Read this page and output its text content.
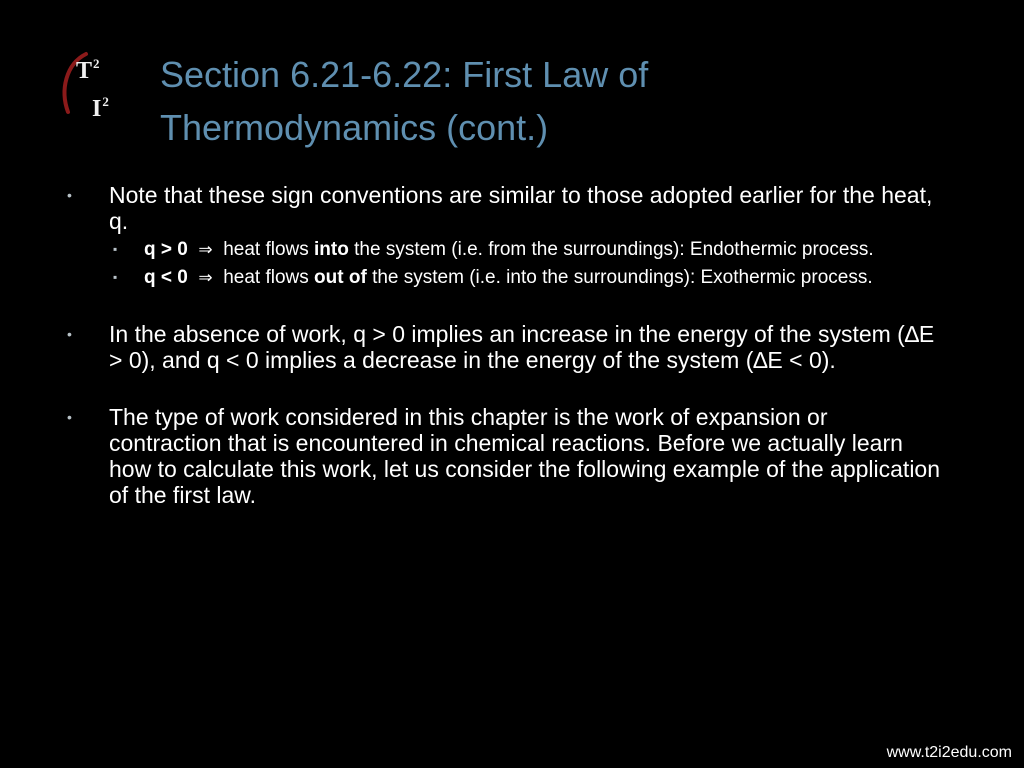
$T^2$
$I^2$
Section 6.21-6.22: First Law of
Thermodynamics (cont.)
• Note that these sign conventions are similar to those adopted earlier for the heat, q.
▪ q > 0 ⇒ heat flows into the system (i.e. from the surroundings): Endothermic process.
▪ q < 0 ⇒ heat flows out of the system (i.e. into the surroundings): Exothermic process.
• In the absence of work, q > 0 implies an increase in the energy of the system (∆E > 0), and q < 0 implies a decrease in the energy of the system (∆E < 0).
• The type of work considered in this chapter is the work of expansion or contraction that is encountered in chemical reactions. Before we actually learn how to calculate this work, let us consider the following example of the application of the first law.
www.t2i2edu.com
